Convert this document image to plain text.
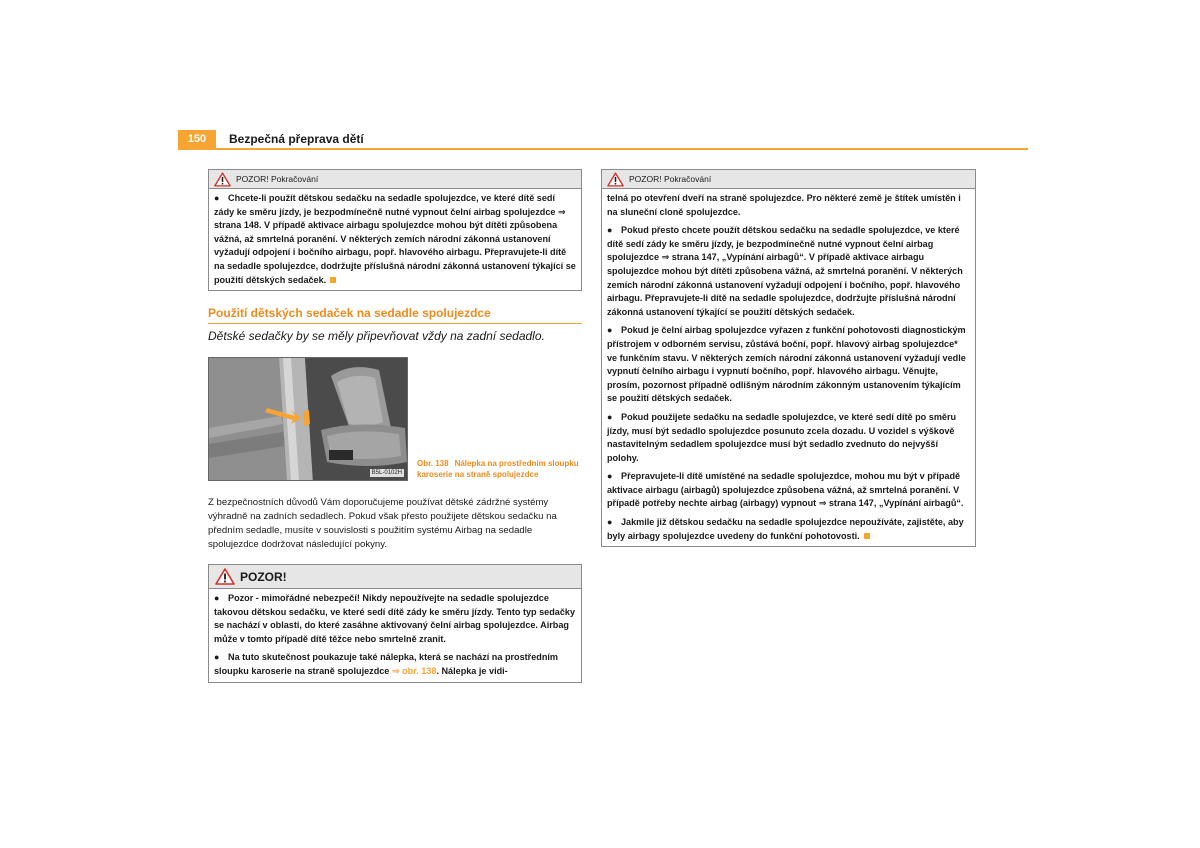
150	Bezpečná přeprava dětí
POZOR! Pokračování

● Chcete-li použít dětskou sedačku na sedadle spolujezdce, ve které dítě sedí zády ke směru jízdy, je bezpodmínečně nutné vypnout čelní airbag spolujezdce ⇒ strana 148. V případě aktivace airbagu spolujezdce mohou být dítěti způsobena vážná, až smrtelná poranění. V některých zemích národní zákonná ustanovení vyžadují odpojení i bočního airbagu, popř. hlavového airbagu. Přepravujete-li dítě na sedadle spolujezdce, dodržujte příslušná národní zákonná ustanovení týkající se použití dětských sedaček.

Použití dětských sedaček na sedadle spolujezdce
Dětské sedačky by se měly připevňovat vždy na zadní sedadlo.
B5L-0102H
Obr. 138 Nálepka na prostředním sloupku karoserie na straně spolujezdce
Z bezpečnostních důvodů Vám doporučujeme používat dětské zádržné systémy výhradně na zadních sedadlech. Pokud však přesto použijete dětskou sedačku na předním sedadle, musíte v souvislosti s použitím systému Airbag na sedadle spolujezdce dodržovat následující pokyny.
POZOR!

● Pozor - mimořádné nebezpečí! Nikdy nepoužívejte na sedadle spolujezdce takovou dětskou sedačku, ve které sedí dítě zády ke směru jízdy. Tento typ sedačky se nachází v oblasti, do které zasáhne aktivovaný čelní airbag spolujezdce. Airbag může v tomto případě dítě těžce nebo smrtelně zranit.

● Na tuto skutečnost poukazuje také nálepka, která se nachází na prostředním sloupku karoserie na straně spolujezdce ⇒ obr. 138. Nálepka je vidi-

POZOR! Pokračování

telná po otevření dveří na straně spolujezdce. Pro některé země je štítek umístěn i na sluneční cloně spolujezdce.

● Pokud přesto chcete použít dětskou sedačku na sedadle spolujezdce, ve které dítě sedí zády ke směru jízdy, je bezpodmínečně nutné vypnout čelní airbag spolujezdce ⇒ strana 147, „Vypínání airbagů“. V případě aktivace airbagu spolujezdce mohou být dítěti způsobena vážná, až smrtelná poranění. V některých zemích národní zákonná ustanovení vyžadují odpojení i bočního, popř. hlavového airbagu. Přepravujete-li dítě na sedadle spolujezdce, dodržujte příslušná národní zákonná ustanovení týkající se použití dětských sedaček.

● Pokud je čelní airbag spolujezdce vyřazen z funkční pohotovosti diagnostickým přístrojem v odborném servisu, zůstává boční, popř. hlavový airbag spolujezdce* ve funkčním stavu. V některých zemích národní zákonná ustanovení vyžadují vedle vypnutí čelního airbagu i vypnutí bočního, popř. hlavového airbagu. Věnujte, prosím, pozornost případně odlišným národním zákonným ustanovením týkajícím se použití dětských sedaček.

● Pokud použijete sedačku na sedadle spolujezdce, ve které sedí dítě po směru jízdy, musí být sedadlo spolujezdce posunuto zcela dozadu. U vozidel s výškově nastavitelným sedadlem spolujezdce musí být sedadlo zvednuto do nejvyšší polohy.

● Přepravujete-li dítě umístěné na sedadle spolujezdce, mohou mu být v případě aktivace airbagu (airbagů) spolujezdce způsobena vážná, až smrtelná poranění. V případě potřeby nechte airbag (airbagy) vypnout ⇒ strana 147, „Vypínání airbagů“.

● Jakmile již dětskou sedačku na sedadle spolujezdce nepoužíváte, zajistěte, aby byly airbagy spolujezdce uvedeny do funkční pohotovosti.
